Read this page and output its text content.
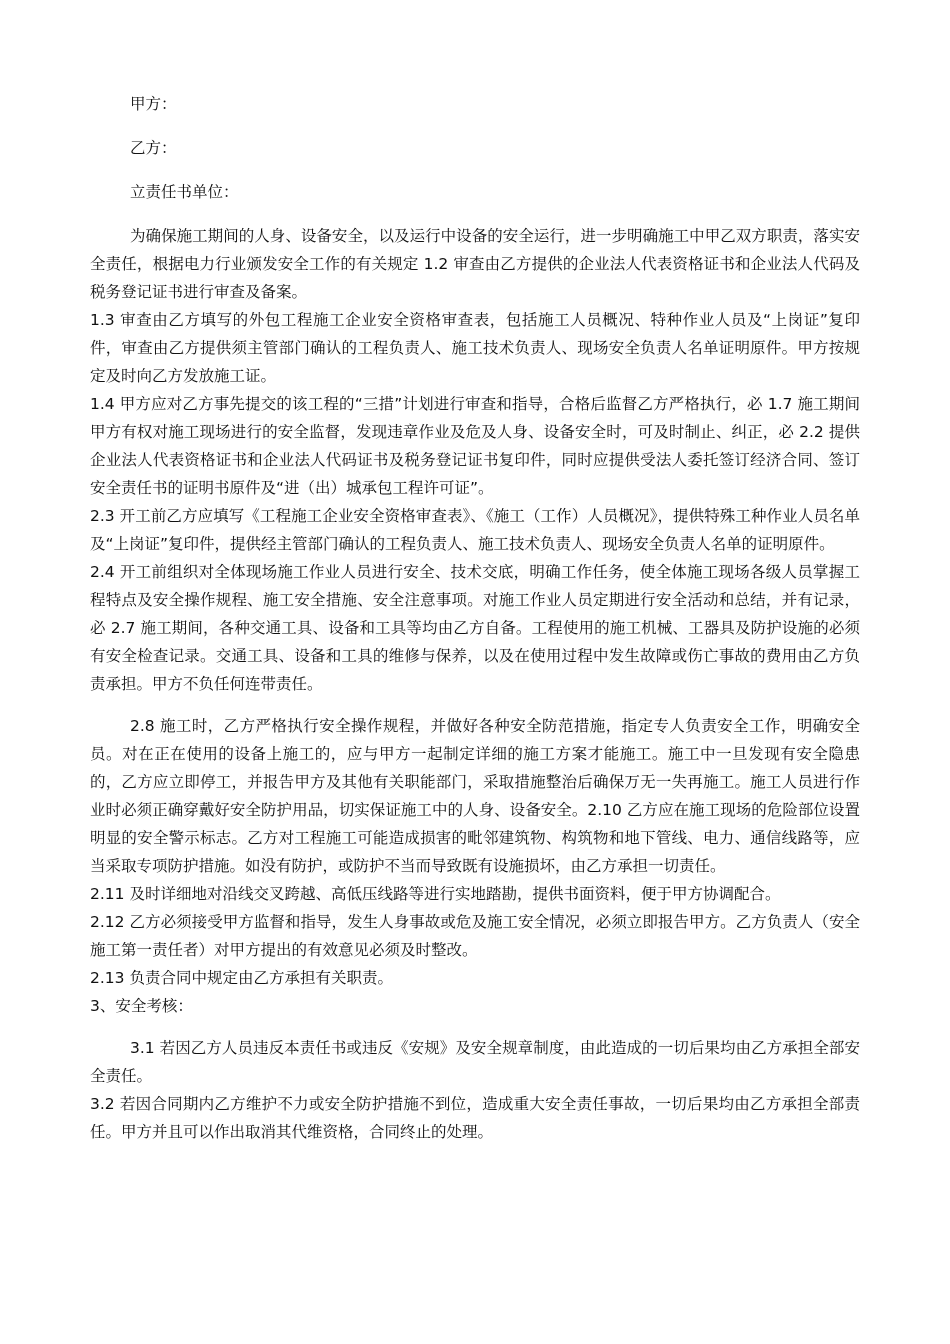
甲方：

乙方：

立责任书单位：

为确保施工期间的人身、设备安全，以及运行中设备的安全运行，进一步明确施工中甲乙双方职责，落实安全责任，根据电力行业颁发安全工作的有关规定 1.2 审查由乙方提供的企业法人代表资格证书和企业法人代码及税务登记证书进行审查及备案。

1.3 审查由乙方填写的外包工程施工企业安全资格审查表，包括施工人员概况、特种作业人员及“上岗证”复印件，审查由乙方提供须主管部门确认的工程负责人、施工技术负责人、现场安全负责人名单证明原件。甲方按规定及时向乙方发放施工证。

1.4 甲方应对乙方事先提交的该工程的“三措”计划进行审查和指导，合格后监督乙方严格执行，必 1.7 施工期间甲方有权对施工现场进行的安全监督，发现违章作业及危及人身、设备安全时，可及时制止、纠正，必 2.2 提供企业法人代表资格证书和企业法人代码证书及税务登记证书复印件，同时应提供受法人委托签订经济合同、签订安全责任书的证明书原件及“进（出）城承包工程许可证”。

2.3 开工前乙方应填写《工程施工企业安全资格审查表》、《施工（工作）人员概况》，提供特殊工种作业人员名单及“上岗证”复印件，提供经主管部门确认的工程负责人、施工技术负责人、现场安全负责人名单的证明原件。

2.4 开工前组织对全体现场施工作业人员进行安全、技术交底，明确工作任务，使全体施工现场各级人员掌握工程特点及安全操作规程、施工安全措施、安全注意事项。对施工作业人员定期进行安全活动和总结，并有记录，必 2.7 施工期间，各种交通工具、设备和工具等均由乙方自备。工程使用的施工机械、工器具及防护设施的必须有安全检查记录。交通工具、设备和工具的维修与保养，以及在使用过程中发生故障或伤亡事故的费用由乙方负责承担。甲方不负任何连带责任。

2.8 施工时，乙方严格执行安全操作规程，并做好各种安全防范措施，指定专人负责安全工作，明确安全员。对在正在使用的设备上施工的，应与甲方一起制定详细的施工方案才能施工。施工中一旦发现有安全隐患的，乙方应立即停工，并报告甲方及其他有关职能部门，采取措施整治后确保万无一失再施工。施工人员进行作业时必须正确穿戴好安全防护用品，切实保证施工中的人身、设备安全。2.10 乙方应在施工现场的危险部位设置明显的安全警示标志。乙方对工程施工可能造成损害的毗邻建筑物、构筑物和地下管线、电力、通信线路等，应当采取专项防护措施。如没有防护，或防护不当而导致既有设施损坏，由乙方承担一切责任。

2.11 及时详细地对沿线交叉跨越、高低压线路等进行实地踏勘，提供书面资料，便于甲方协调配合。

2.12 乙方必须接受甲方监督和指导，发生人身事故或危及施工安全情况，必须立即报告甲方。乙方负责人（安全施工第一责任者）对甲方提出的有效意见必须及时整改。

2.13 负责合同中规定由乙方承担有关职责。

3、安全考核：

3.1 若因乙方人员违反本责任书或违反《安规》及安全规章制度，由此造成的一切后果均由乙方承担全部安全责任。

3.2 若因合同期内乙方维护不力或安全防护措施不到位，造成重大安全责任事故，一切后果均由乙方承担全部责任。甲方并且可以作出取消其代维资格，合同终止的处理。
